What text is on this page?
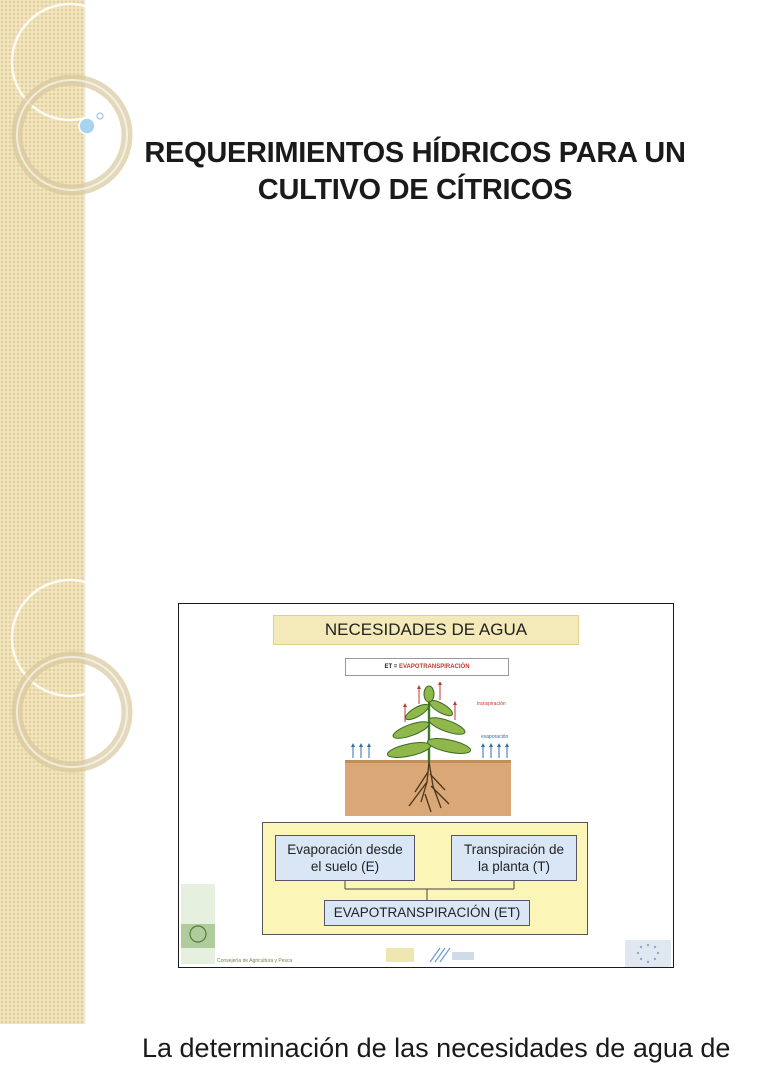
REQUERIMIENTOS HÍDRICOS PARA UN
CULTIVO DE CÍTRICOS
NECESIDADES DE AGUA
ET = EVAPOTRANSPIRACIÓN
transpiración
evaporación
Evaporación desde
el suelo (E)
Transpiración de
la planta (T)
EVAPOTRANSPIRACIÓN (ET)
Consejería de Agricultura y Pesca

La determinación de las necesidades de agua de
